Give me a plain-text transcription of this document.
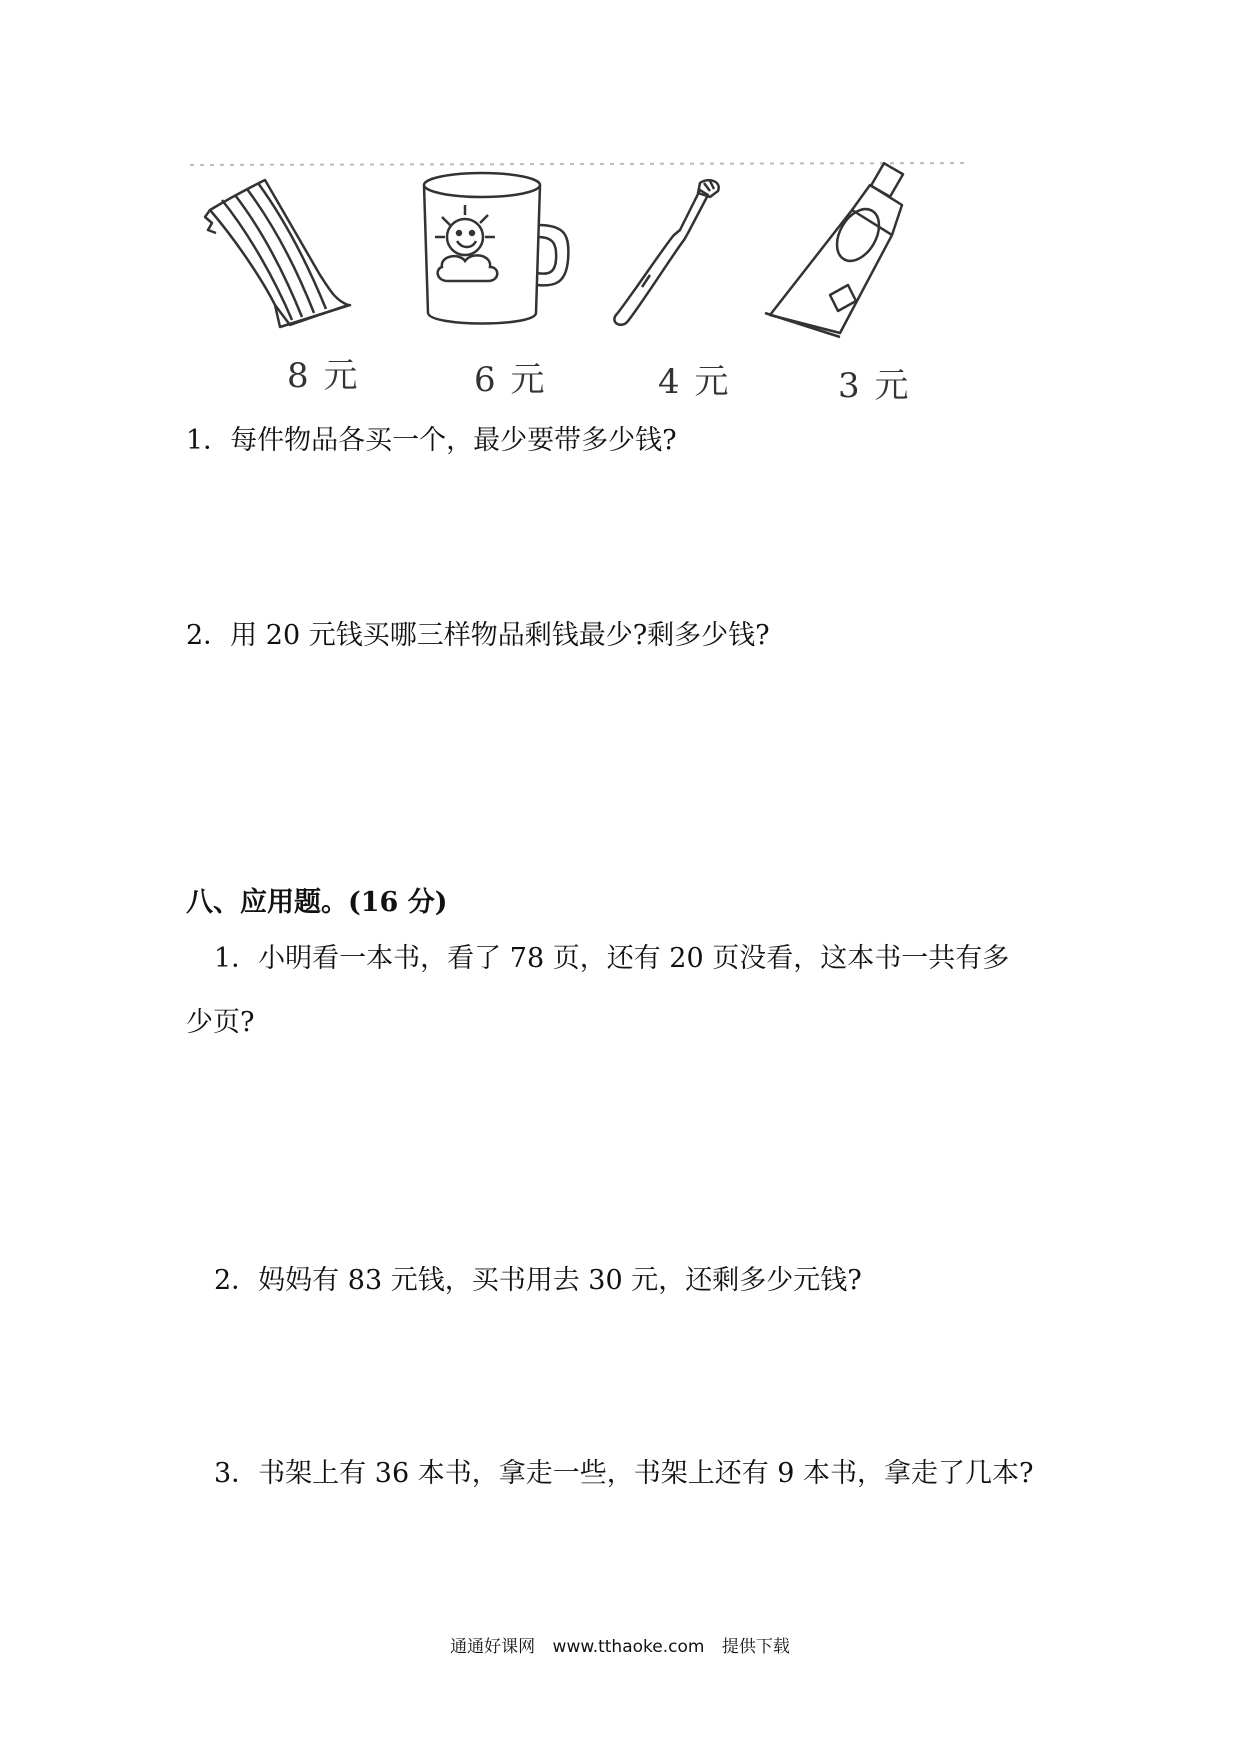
8 元	6 元	4 元	3 元
1．每件物品各买一个，最少要带多少钱?
2．用 20 元钱买哪三样物品剩钱最少?剩多少钱?
八、应用题。(16 分)
1．小明看一本书，看了 78 页，还有 20 页没看，这本书一共有多
少页?
2．妈妈有 83 元钱，买书用去 30 元，还剩多少元钱?
3．书架上有 36 本书，拿走一些，书架上还有 9 本书，拿走了几本?
通通好课网 www.tthaoke.com 提供下载
